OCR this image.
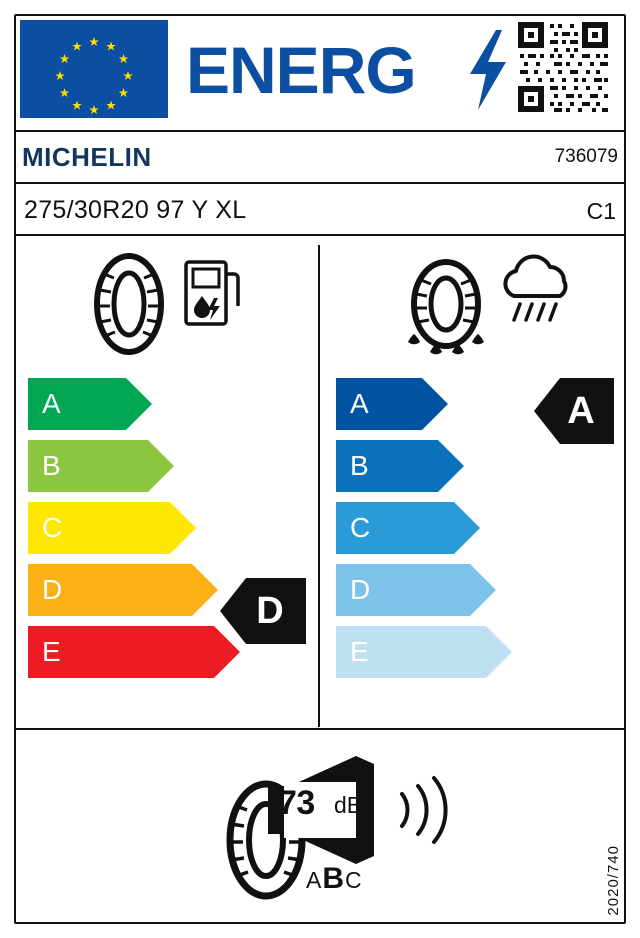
ENERG
MICHELIN	736079
275/30R20 97 Y XL	C1
A
B
C
D
E
D
A
B
C
D
E
A
73 dB
ABC	2020/740
